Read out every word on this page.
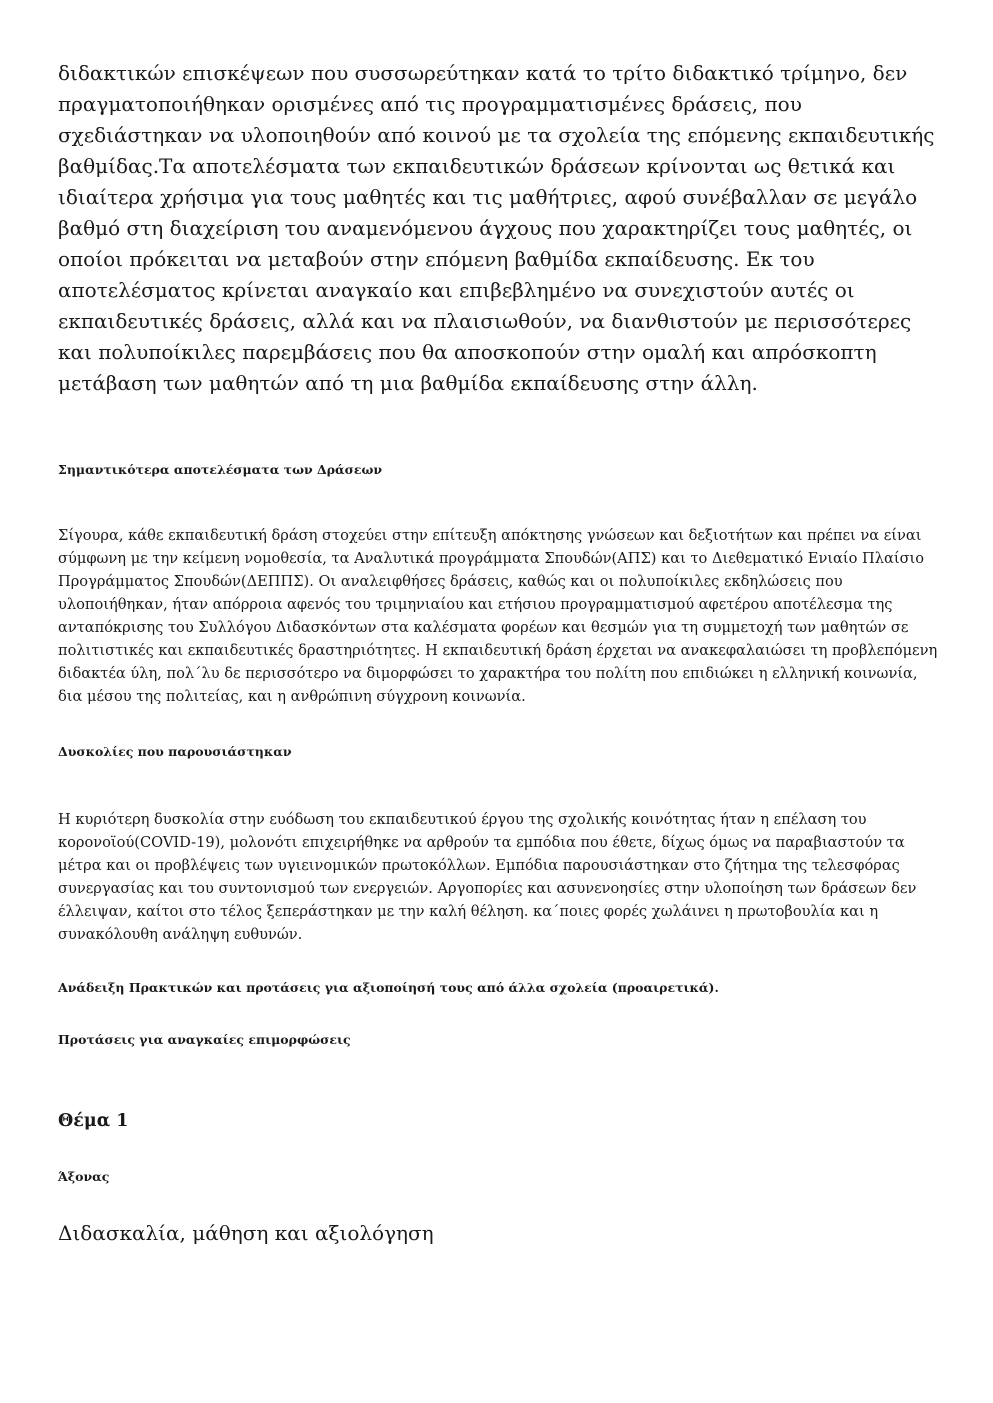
διδακτικών επισκέψεων που συσσωρεύτηκαν κατά το τρίτο διδακτικό τρίμηνο, δεν πραγματοποιήθηκαν ορισμένες από τις προγραμματισμένες δράσεις, που σχεδιάστηκαν να υλοποιηθούν από κοινού με τα σχολεία της επόμενης εκπαιδευτικής βαθμίδας.Τα αποτελέσματα των εκπαιδευτικών δράσεων κρίνονται ως θετικά και ιδιαίτερα χρήσιμα για τους μαθητές και τις μαθήτριες, αφού συνέβαλλαν σε μεγάλο βαθμό στη διαχείριση του αναμενόμενου άγχους που χαρακτηρίζει τους μαθητές, οι οποίοι πρόκειται να μεταβούν στην επόμενη βαθμίδα εκπαίδευσης. Εκ του αποτελέσματος κρίνεται αναγκαίο και επιβεβλημένο να συνεχιστούν αυτές οι εκπαιδευτικές δράσεις, αλλά και να πλαισιωθούν, να διανθιστούν με περισσότερες και πολυποίκιλες παρεμβάσεις που θα αποσκοπούν στην ομαλή και απρόσκοπτη μετάβαση των μαθητών από τη μια βαθμίδα εκπαίδευσης στην άλλη.

Σημαντικότερα αποτελέσματα των Δράσεων

Σίγουρα, κάθε εκπαιδευτική δράση στοχεύει στην επίτευξη απόκτησης γνώσεων και δεξιοτήτων και πρέπει να είναι σύμφωνη με την κείμενη νομοθεσία, τα Αναλυτικά προγράμματα Σπουδών(ΑΠΣ) και το Διεθεματικό Ενιαίο Πλαίσιο Προγράμματος Σπουδών(ΔΕΠΠΣ). Οι αναλειφθήσες δράσεις, καθώς και οι πολυποίκιλες εκδηλώσεις που υλοποιήθηκαν, ήταν απόρροια αφενός του τριμηνιαίου και ετήσιου προγραμματισμού αφετέρου αποτέλεσμα της ανταπόκρισης του Συλλόγου Διδασκόντων στα καλέσματα φορέων και θεσμών για τη συμμετοχή των μαθητών σε πολιτιστικές και εκπαιδευτικές δραστηριότητες. Η εκπαιδευτική δράση έρχεται να ανακεφαλαιώσει τη προβλεπόμενη διδακτέα ύλη, πολ΄λυ δε περισσότερο να διμορφώσει το χαρακτήρα του πολίτη που επιδιώκει η ελληνική κοινωνία, δια μέσου της πολιτείας, και η ανθρώπινη σύγχρονη κοινωνία.

Δυσκολίες που παρουσιάστηκαν

Η κυριότερη δυσκολία στην ευόδωση του εκπαιδευτικού έργου της σχολικής κοινότητας ήταν η επέλαση του κορονοϊού(COVID-19), μολονότι επιχειρήθηκε να αρθρούν τα εμπόδια που έθετε, δίχως όμως να παραβιαστούν τα μέτρα και οι προβλέψεις των υγιεινομικών πρωτοκόλλων. Εμπόδια παρουσιάστηκαν στο ζήτημα της τελεσφόρας συνεργασίας και του συντονισμού των ενεργειών. Αργοπορίες και ασυνενοησίες στην υλοποίηση των δράσεων δεν έλλειψαν, καίτοι στο τέλος ξεπεράστηκαν με την καλή θέληση. κα΄ποιες φορές χωλάινει η πρωτοβουλία και η συνακόλουθη ανάληψη ευθυνών.

Ανάδειξη Πρακτικών και προτάσεις για αξιοποίησή τους από άλλα σχολεία (προαιρετικά).

Προτάσεις για αναγκαίες επιμορφώσεις

Θέμα 1

Άξονας

Διδασκαλία, μάθηση και αξιολόγηση
